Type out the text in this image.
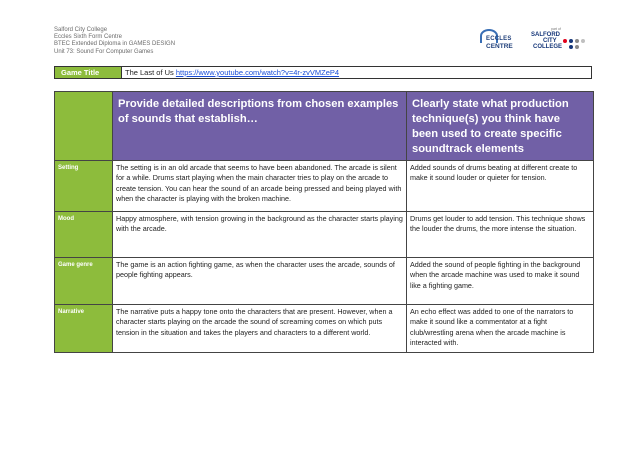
Salford City College
Eccles Sixth Form Centre
BTEC Extended Diploma in GAMES DESIGN
Unit 73: Sound For Computer Games
ECCLES
CENTRE
part of
SALFORD
CITY
COLLEGE
Game Title	The Last of Us https://www.youtube.com/watch?v=4r-zvVMZeP4
	Provide detailed descriptions from chosen examples of sounds that establish…	Clearly state what production technique(s) you think have been used to create specific soundtrack elements
Setting	The setting is in an old arcade that seems to have been abandoned. The arcade is silent for a while. Drums start playing when the main character tries to play on the arcade to create tension. You can hear the sound of an arcade being pressed and being played with when the character is playing with the broken machine.	Added sounds of drums beating at different create to make it sound louder or quieter for tension.
Mood	Happy atmosphere, with tension growing in the background as the character starts playing with the arcade.	Drums get louder to add tension. This technique shows the louder the drums, the more intense the situation.
Game genre	The game is an action fighting game, as when the character uses the arcade, sounds of people fighting appears.	Added the sound of people fighting in the background when the arcade machine was used to make it sound like a fighting game.
Narrative	The narrative puts a happy tone onto the characters that are present. However, when a character starts playing on the arcade the sound of screaming comes on which puts tension in the situation and takes the players and characters to a different world.	An echo effect was added to one of the narrators to make it sound like a commentator at a fight club/wrestling arena when the arcade machine is interacted with.
